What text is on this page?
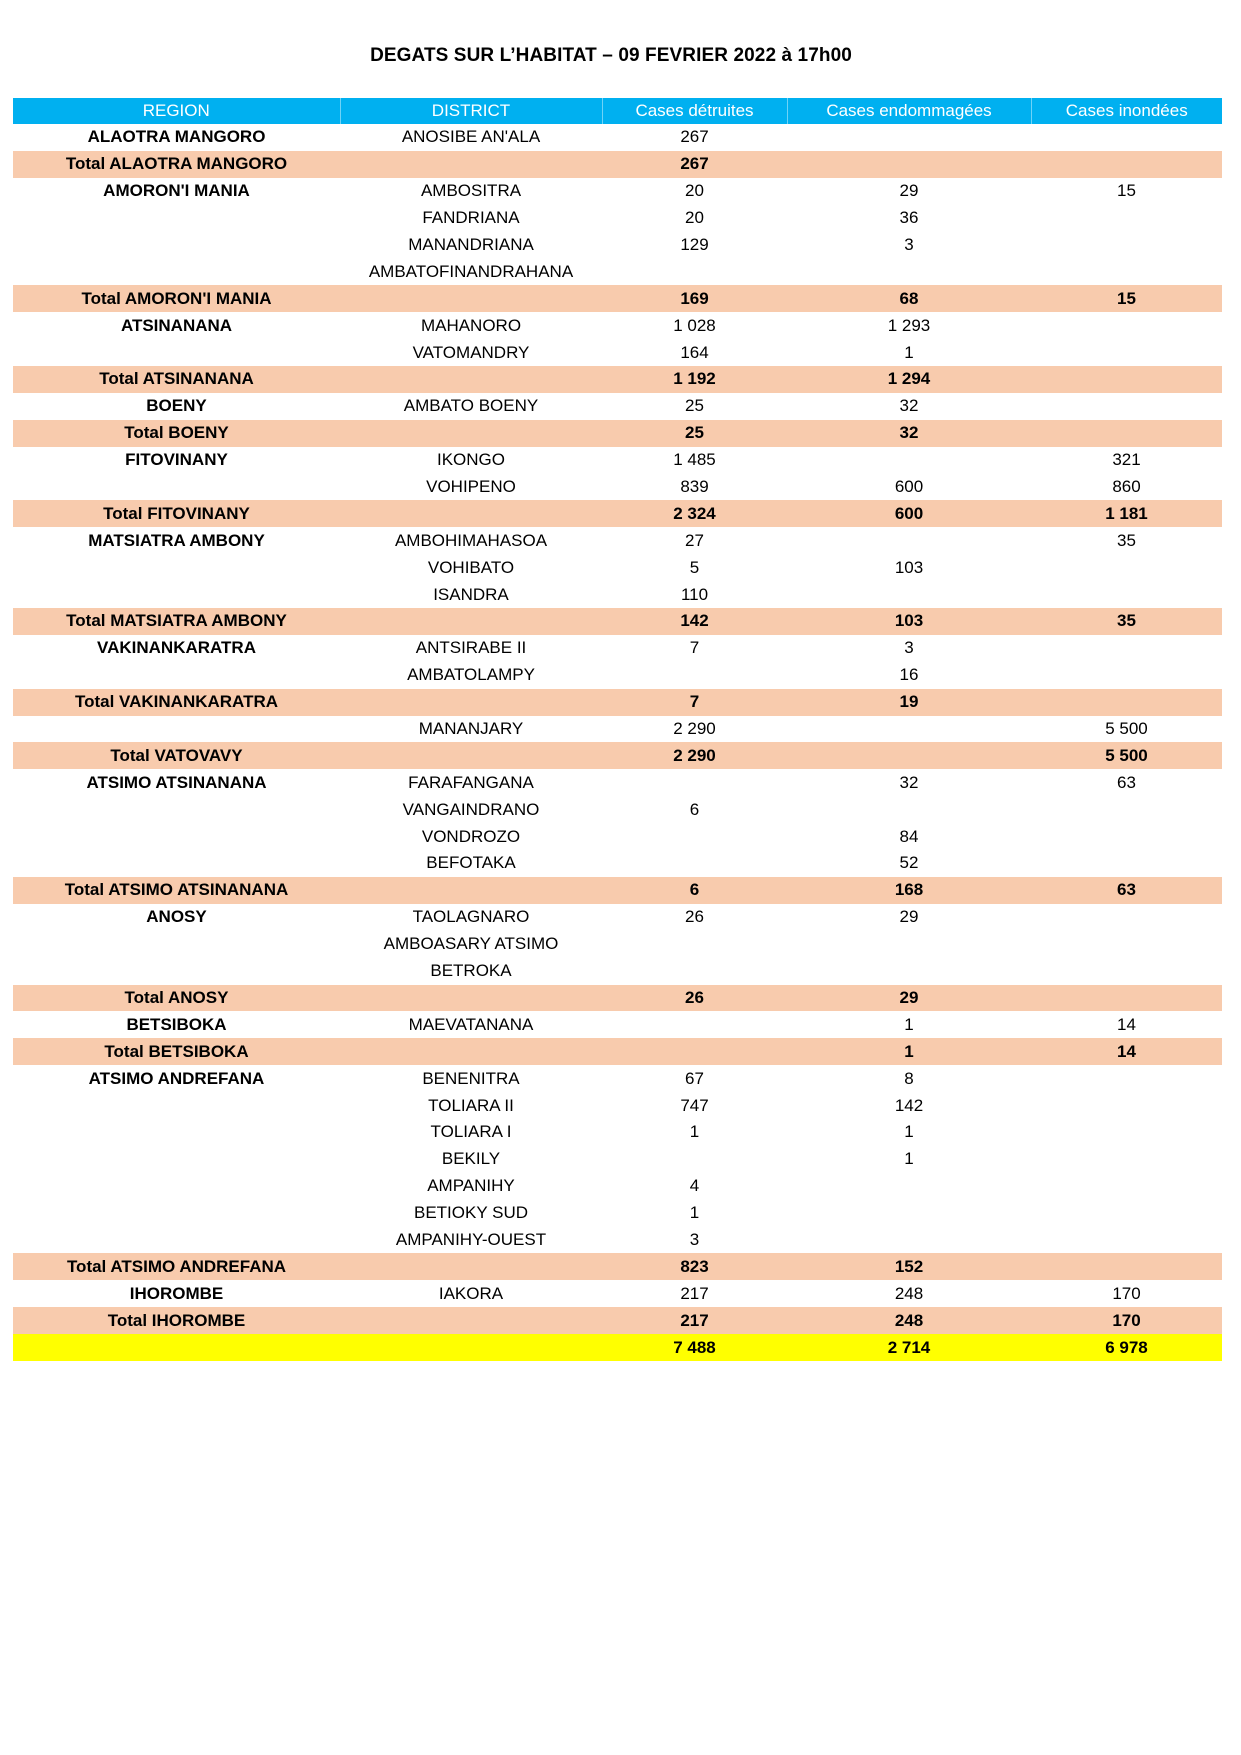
DEGATS SUR L’HABITAT – 09 FEVRIER 2022 à 17h00
REGION	DISTRICT	Cases détruites	Cases endommagées	Cases inondées
ALAOTRA MANGORO	ANOSIBE AN'ALA	267		
Total ALAOTRA MANGORO		267		
AMORON'I MANIA	AMBOSITRA	20	29	15
	FANDRIANA	20	36	
	MANANDRIANA	129	3	
	AMBATOFINANDRAHANA			
Total AMORON'I MANIA		169	68	15
ATSINANANA	MAHANORO	1 028	1 293	
	VATOMANDRY	164	1	
Total ATSINANANA		1 192	1 294	
BOENY	AMBATO BOENY	25	32	
Total BOENY		25	32	
FITOVINANY	IKONGO	1 485		321
	VOHIPENO	839	600	860
Total FITOVINANY		2 324	600	1 181
MATSIATRA AMBONY	AMBOHIMAHASOA	27		35
	VOHIBATO	5	103	
	ISANDRA	110		
Total MATSIATRA AMBONY		142	103	35
VAKINANKARATRA	ANTSIRABE II	7	3	
	AMBATOLAMPY		16	
Total VAKINANKARATRA		7	19	
	MANANJARY	2 290		5 500
Total VATOVAVY		2 290		5 500
ATSIMO ATSINANANA	FARAFANGANA		32	63
	VANGAINDRANO	6		
	VONDROZO		84	
	BEFOTAKA		52	
Total ATSIMO ATSINANANA		6	168	63
ANOSY	TAOLAGNARO	26	29	
	AMBOASARY ATSIMO			
	BETROKA			
Total ANOSY		26	29	
BETSIBOKA	MAEVATANANA		1	14
Total BETSIBOKA			1	14
ATSIMO ANDREFANA	BENENITRA	67	8	
	TOLIARA II	747	142	
	TOLIARA I	1	1	
	BEKILY		1	
	AMPANIHY	4		
	BETIOKY SUD	1		
	AMPANIHY-OUEST	3		
Total ATSIMO ANDREFANA		823	152	
IHOROMBE	IAKORA	217	248	170
Total IHOROMBE		217	248	170
		7 488	2 714	6 978
